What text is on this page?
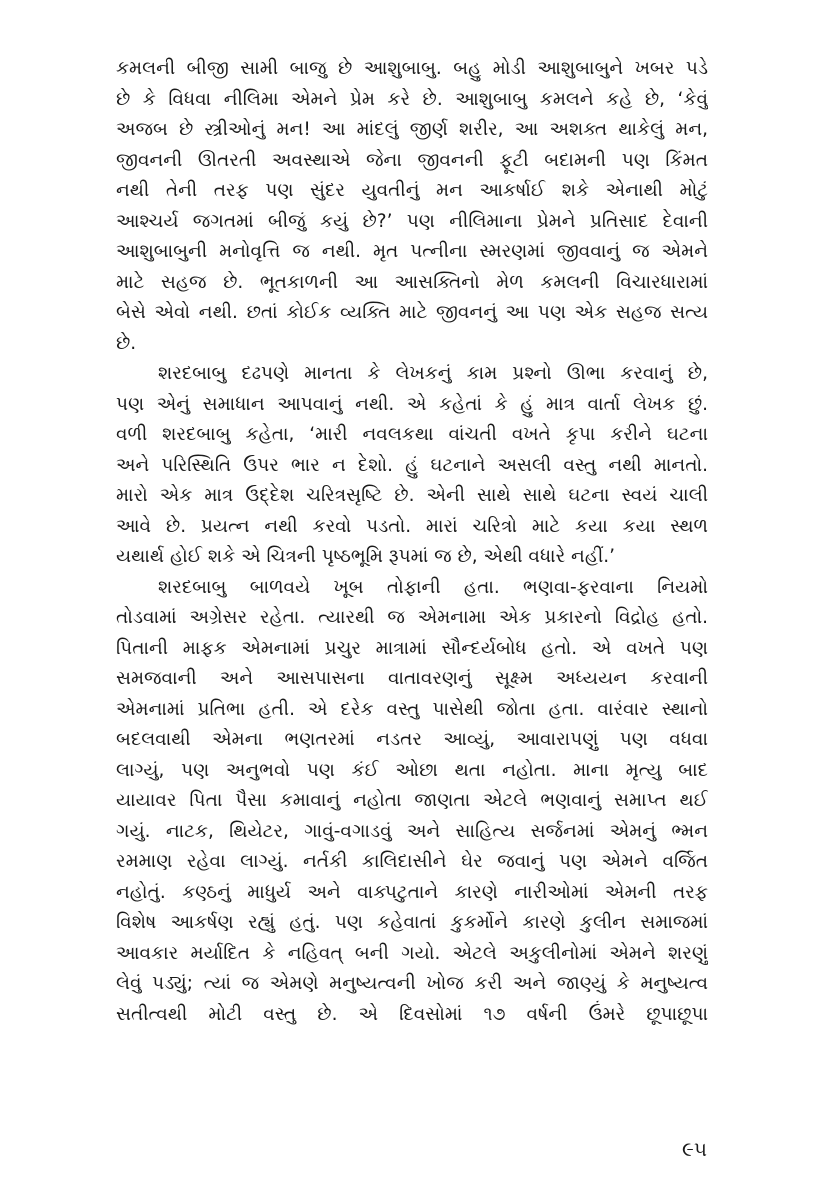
કમલની બીજી સામી બાજુ છે આશુબાબુ. બહુ મોડી આશુબાબુને ખબર પડે
છે કે વિધવા નીલિમા એમને પ્રેમ કરે છે. આશુબાબુ કમલને કહે છે, ‘કેવું
અજબ છે સ્ત્રીઓનું મન! આ માંદલું જીર્ણ શરીર, આ અશક્ત થાકેલું મન,
જીવનની ઊતરતી અવસ્થાએ જેના જીવનની ફૂટી બદામની પણ કિંમત
નથી તેની તરફ પણ સુંદર યુવતીનું મન આકર્ષાઈ શકે એનાથી મોટું
આશ્ચર્ય જગતમાં બીજું કયું છે?’ પણ નીલિમાના પ્રેમને પ્રતિસાદ દેવાની
આશુબાબુની મનોવૃત્તિ જ નથી. મૃત પત્નીના સ્મરણમાં જીવવાનું જ એમને
માટે સહજ છે. ભૂતકાળની આ આસક્તિનો મેળ કમલની વિચારધારામાં
બેસે એવો નથી. છતાં કોઈક વ્યક્તિ માટે જીવનનું આ પણ એક સહજ સત્ય
છે.
શરદબાબુ દઢપણે માનતા કે લેખકનું કામ પ્રશ્નો ઊભા કરવાનું છે,
પણ એનું સમાધાન આપવાનું નથી. એ કહેતાં કે હું માત્ર વાર્તા લેખક છું.
વળી શરદબાબુ કહેતા, ‘મારી નવલકથા વાંચતી વખતે કૃપા કરીને ઘટના
અને પરિસ્થિતિ ઉપર ભાર ન દેશો. હું ઘટનાને અસલી વસ્તુ નથી માનતો.
મારો એક માત્ર ઉદ્દેશ ચરિત્રસૃષ્ટિ છે. એની સાથે સાથે ઘટના સ્વયં ચાલી
આવે છે. પ્રયત્ન નથી કરવો પડતો. મારાં ચરિત્રો માટે કયા કયા સ્થળ
યથાર્થ હોઈ શકે એ ચિત્રની પૃષ્ઠભૂમિ રૂપમાં જ છે, એથી વધારે નહીં.’
શરદબાબુ બાળવયે ખૂબ તોફાની હતા. ભણવા-ફરવાના નિયમો
તોડવામાં અગ્રેસર રહેતા. ત્યારથી જ એમનામા એક પ્રકારનો વિદ્રોહ હતો.
પિતાની માફક એમનામાં પ્રચુર માત્રામાં સૌન્દર્યબોધ હતો. એ વખતે પણ
સમજવાની અને આસપાસના વાતાવરણનું સૂક્ષ્મ અધ્યયન કરવાની
એમનામાં પ્રતિભા હતી. એ દરેક વસ્તુ પાસેથી જોતા હતા. વારંવાર સ્થાનો
બદલવાથી એમના ભણતરમાં નડતર આવ્યું, આવારાપણું પણ વધવા
લાગ્યું, પણ અનુભવો પણ કંઈ ઓછા થતા નહોતા. માના મૃત્યુ બાદ
યાયાવર પિતા પૈસા કમાવાનું નહોતા જાણતા એટલે ભણવાનું સમાપ્ત થઈ
ગયું. નાટક, થિયેટર, ગાવું-વગાડવું અને સાહિત્ય સર્જનમાં એમનું ભ્મન
રમમાણ રહેવા લાગ્યું. નર્તકી કાલિદાસીને ઘેર જવાનું પણ એમને વર્જિત
નહોતું. કણ્ઠનું માધુર્ય અને વાક્પટુતાને કારણે નારીઓમાં એમની તરફ
વિશેષ આકર્ષણ રહ્યું હતું. પણ કહેવાતાં કુકર્મોને કારણે કુલીન સમાજમાં
આવકાર મર્યાદિત કે નહિવત્ બની ગયો. એટલે અકુલીનોમાં એમને શરણું
લેવું પડ્યું; ત્યાં જ એમણે મનુષ્યત્વની ખોજ કરી અને જાણ્યું કે મનુષ્યત્વ
સતીત્વથી મોટી વસ્તુ છે. એ દિવસોમાં ૧૭ વર્ષની ઉંમરે છૂપાછૂપા
૯૫
